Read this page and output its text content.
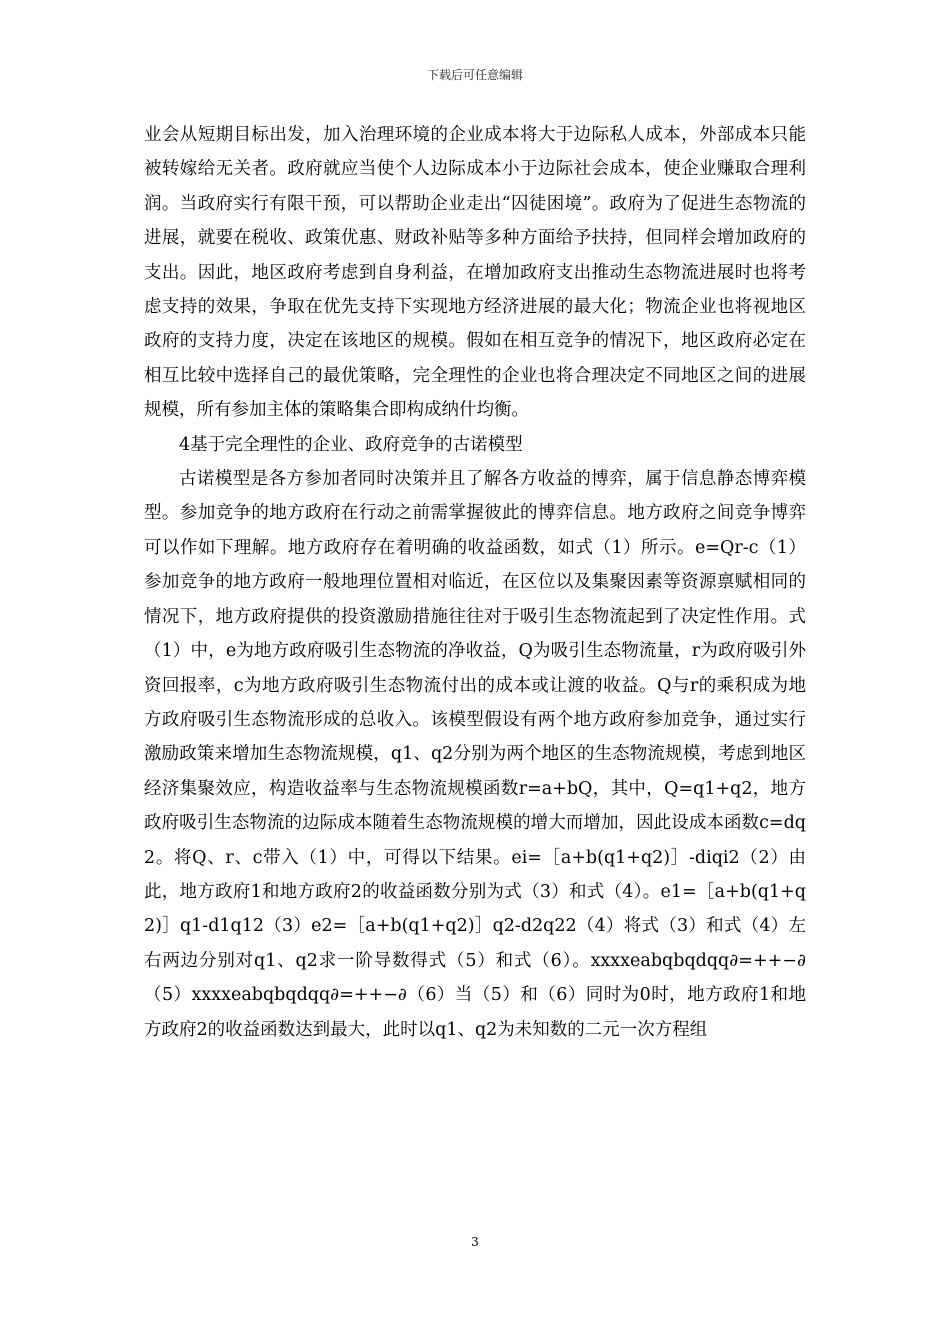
下载后可任意编辑

业会从短期目标出发，加入治理环境的企业成本将大于边际私人成本，外部成本只能被转嫁给无关者。政府就应当使个人边际成本小于边际社会成本，使企业赚取合理利润。当政府实行有限干预，可以帮助企业走出“囚徒困境”。政府为了促进生态物流的进展，就要在税收、政策优惠、财政补贴等多种方面给予扶持，但同样会增加政府的支出。因此，地区政府考虑到自身利益，在增加政府支出推动生态物流进展时也将考虑支持的效果，争取在优先支持下实现地方经济进展的最大化；物流企业也将视地区政府的支持力度，决定在该地区的规模。假如在相互竞争的情况下，地区政府必定在相互比较中选择自己的最优策略，完全理性的企业也将合理决定不同地区之间的进展规模，所有参加主体的策略集合即构成纳什均衡。

4基于完全理性的企业、政府竞争的古诺模型

古诺模型是各方参加者同时决策并且了解各方收益的博弈，属于信息静态博弈模型。参加竞争的地方政府在行动之前需掌握彼此的博弈信息。地方政府之间竞争博弈可以作如下理解。地方政府存在着明确的收益函数，如式（1）所示。e=Qr-c（1）参加竞争的地方政府一般地理位置相对临近，在区位以及集聚因素等资源禀赋相同的情况下，地方政府提供的投资激励措施往往对于吸引生态物流起到了决定性作用。式（1）中，e为地方政府吸引生态物流的净收益，Q为吸引生态物流量，r为政府吸引外资回报率，c为地方政府吸引生态物流付出的成本或让渡的收益。Q与r的乘积成为地方政府吸引生态物流形成的总收入。该模型假设有两个地方政府参加竞争，通过实行激励政策来增加生态物流规模，q1、q2分别为两个地区的生态物流规模，考虑到地区经济集聚效应，构造收益率与生态物流规模函数r=a+bQ，其中，Q=q1+q2，地方政府吸引生态物流的边际成本随着生态物流规模的增大而增加，因此设成本函数c=dq2。将Q、r、c带入（1）中，可得以下结果。ei=［a+b(q1+q2)］-diqi2（2）由此，地方政府1和地方政府2的收益函数分别为式（3）和式（4）。e1=［a+b(q1+q2)］q1-d1q12（3）e2=［a+b(q1+q2)］q2-d2q22（4）将式（3）和式（4）左右两边分别对q1、q2求一阶导数得式（5）和式（6）。xxxxeabqbqdqq∂=++−∂（5）xxxxeabqbqdqq∂=++−∂（6）当（5）和（6）同时为0时，地方政府1和地方政府2的收益函数达到最大，此时以q1、q2为未知数的二元一次方程组

3
